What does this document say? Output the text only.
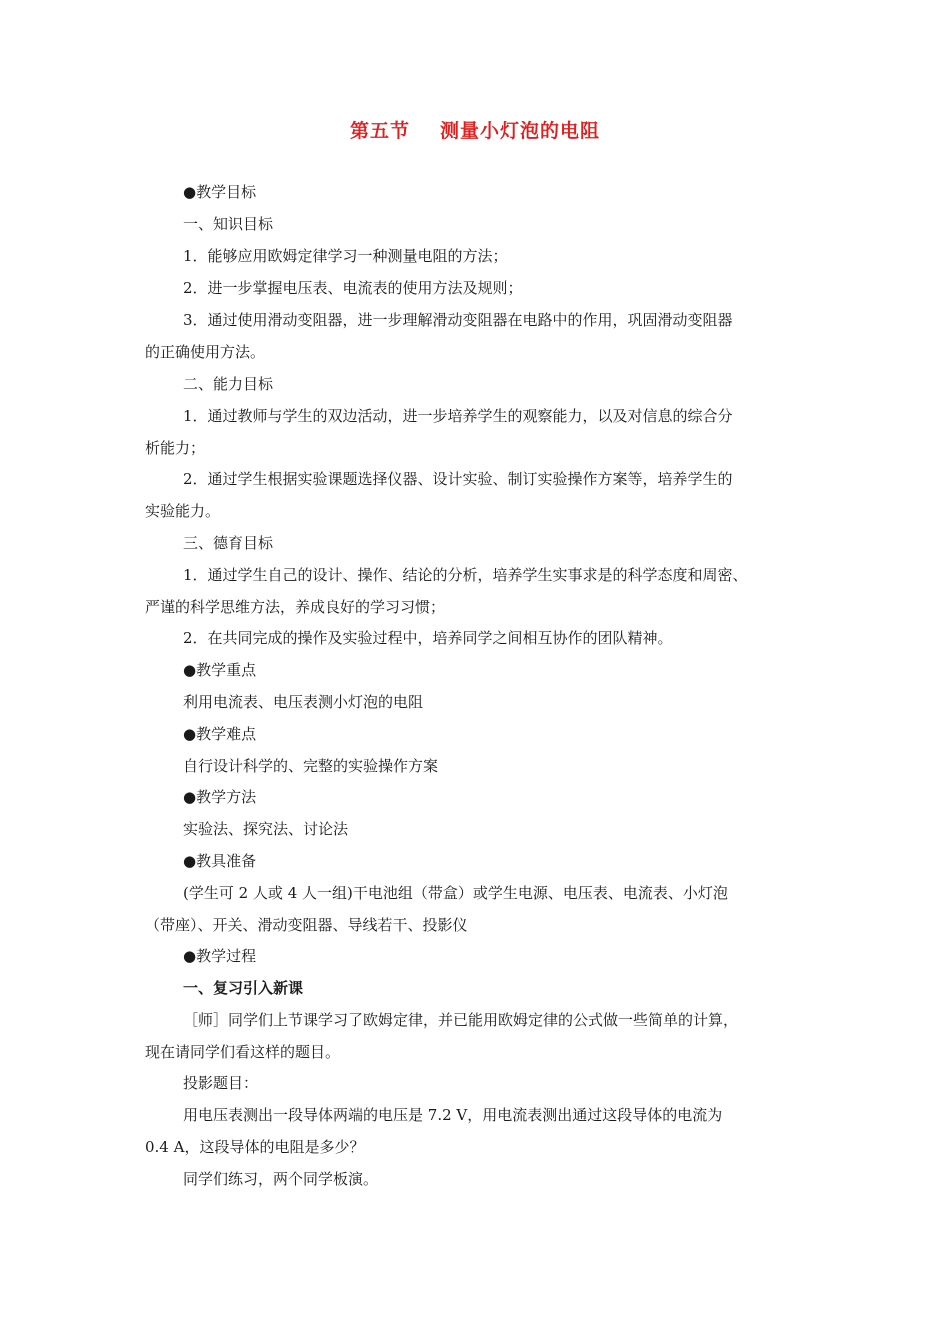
第五节 测量小灯泡的电阻
●教学目标
一、知识目标
1．能够应用欧姆定律学习一种测量电阻的方法；
2．进一步掌握电压表、电流表的使用方法及规则；
3．通过使用滑动变阻器，进一步理解滑动变阻器在电路中的作用，巩固滑动变阻器
的正确使用方法。
二、能力目标
1．通过教师与学生的双边活动，进一步培养学生的观察能力，以及对信息的综合分
析能力；
2．通过学生根据实验课题选择仪器、设计实验、制订实验操作方案等，培养学生的
实验能力。
三、德育目标
1．通过学生自己的设计、操作、结论的分析，培养学生实事求是的科学态度和周密、
严谨的科学思维方法，养成良好的学习习惯；
2．在共同完成的操作及实验过程中，培养同学之间相互协作的团队精神。
●教学重点
利用电流表、电压表测小灯泡的电阻
●教学难点
自行设计科学的、完整的实验操作方案
●教学方法
实验法、探究法、讨论法
●教具准备
(学生可 2 人或 4 人一组)干电池组（带盒）或学生电源、电压表、电流表、小灯泡
（带座）、开关、滑动变阻器、导线若干、投影仪
●教学过程
一、复习引入新课
［师］同学们上节课学习了欧姆定律，并已能用欧姆定律的公式做一些简单的计算，
现在请同学们看这样的题目。
投影题目：
用电压表测出一段导体两端的电压是 7.2 V，用电流表测出通过这段导体的电流为
0.4 A，这段导体的电阻是多少？
同学们练习，两个同学板演。
